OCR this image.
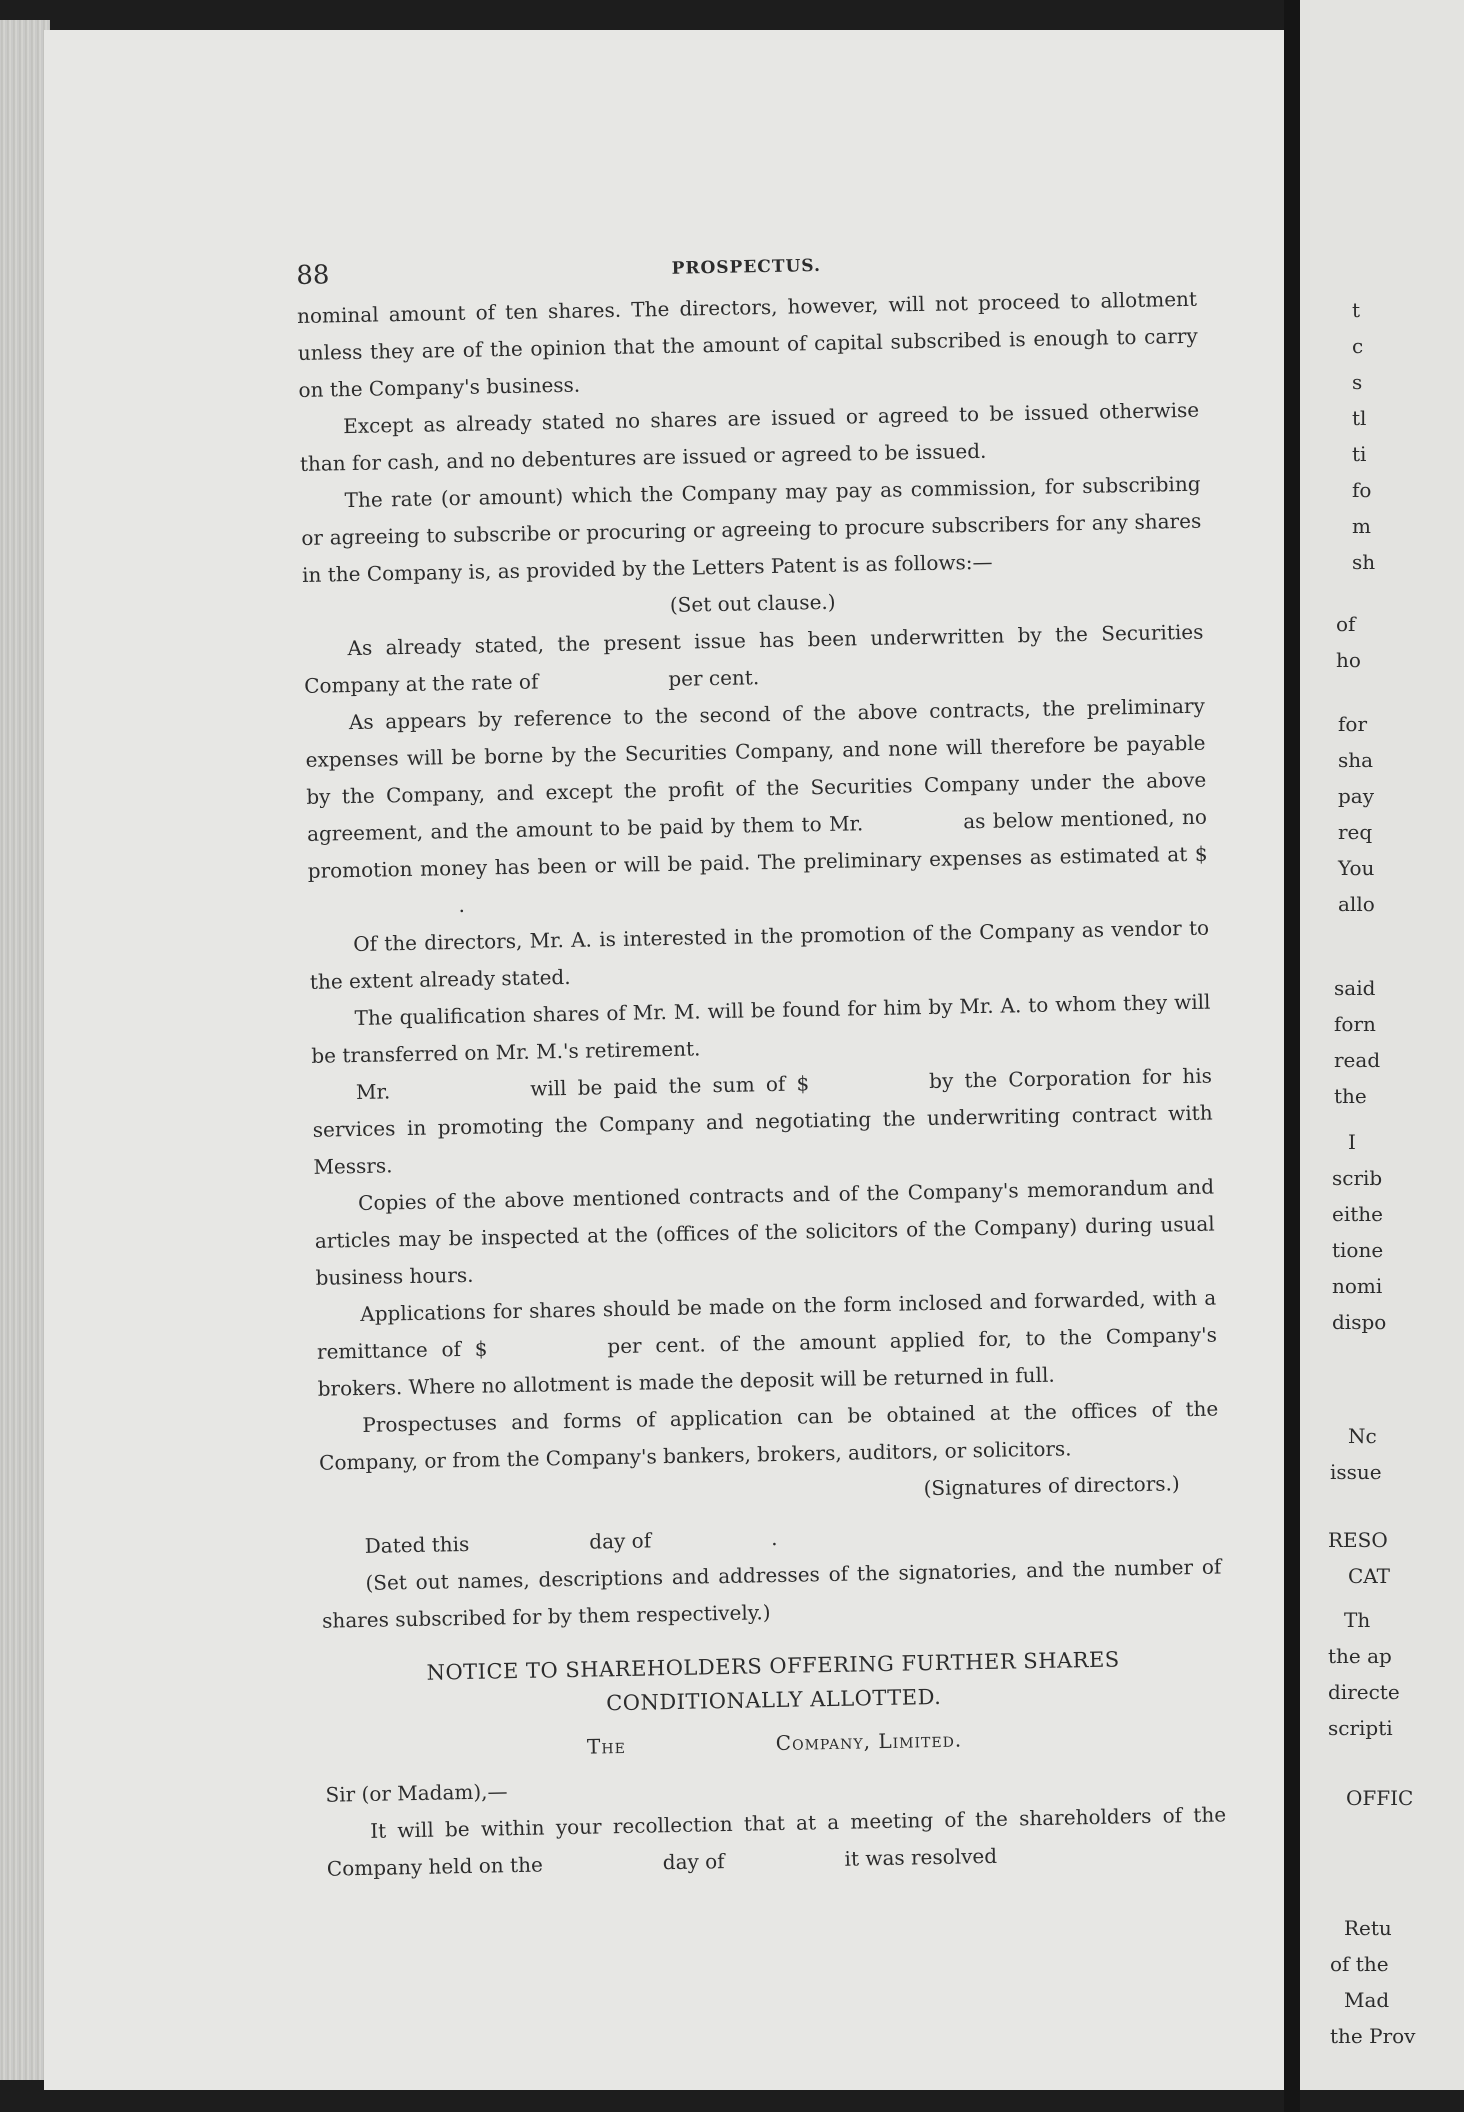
t
c
s
tl
ti
fo
m
sh
of
ho
for
sha
pay
req
You
allo
said
forn
read
the
I
scrib
eithe
tione
nomi
dispo
Nc
issue
RESO
CAT
Th
the ap
directe
scripti
OFFIC
Retu
of the
Mad
the Prov
88	PROSPECTUS.

nominal amount of ten shares. The directors, however, will not proceed to allotment unless they are of the opinion that the amount of capital subscribed is enough to carry on the Company's business.

Except as already stated no shares are issued or agreed to be issued otherwise than for cash, and no debentures are issued or agreed to be issued.

The rate (or amount) which the Company may pay as commission, for subscribing or agreeing to subscribe or procuring or agreeing to procure subscribers for any shares in the Company is, as provided by the Letters Patent is as follows:—

(Set out clause.)

As already stated, the present issue has been underwritten by the Securities Company at the rate of	per cent.

As appears by reference to the second of the above contracts, the preliminary expenses will be borne by the Securities Company, and none will therefore be payable by the Company, and except the profit of the Securities Company under the above agreement, and the amount to be paid by them to Mr.	as below mentioned, no promotion money has been or will be paid. The preliminary expenses as estimated at $.

Of the directors, Mr. A. is interested in the promotion of the Company as vendor to the extent already stated.

The qualification shares of Mr. M. will be found for him by Mr. A. to whom they will be transferred on Mr. M.'s retirement.

Mr.	will be paid the sum of $	by the Corporation for his services in promoting the Company and negotiating the underwriting contract with Messrs.

Copies of the above mentioned contracts and of the Company's memorandum and articles may be inspected at the (offices of the solicitors of the Company) during usual business hours.

Applications for shares should be made on the form inclosed and forwarded, with a remittance of $	per cent. of the amount applied for, to the Company's brokers. Where no allotment is made the deposit will be returned in full.

Prospectuses and forms of application can be obtained at the offices of the Company, or from the Company's bankers, brokers, auditors, or solicitors.

(Signatures of directors.)

Dated this	day of	.

(Set out names, descriptions and addresses of the signatories, and the number of shares subscribed for by them respectively.)

NOTICE TO SHAREHOLDERS OFFERING FURTHER SHARES CONDITIONALLY ALLOTTED.

The	Company, Limited.

Sir (or Madam),—

It will be within your recollection that at a meeting of the shareholders of the Company held on the	day of	it was resolved
